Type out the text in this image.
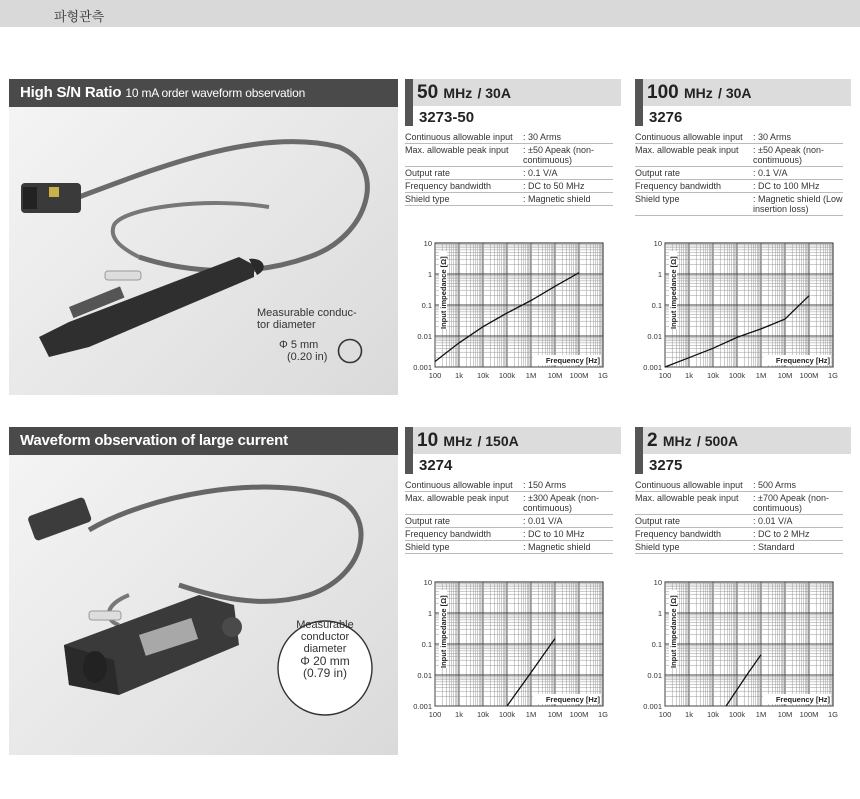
파형관측
High S/N Ratio 10 mA order waveform observation
Measurable conduc-
tor diameter
Φ 5 mm
(0.20 in)
50 MHz / 30A
3273-50
Continuous allowable input	: 30 Arms
Max. allowable peak input	: ±50 Apeak (non-contimuous)
Output rate	: 0.1 V/A
Frequency bandwidth	: DC to 50 MHz
Shield type	: Magnetic shield
100 1k 10k 100k 1M 10M 100M 1G
0.001
0.01
0.1
1
10
Input impedance [Ω]
Frequency [Hz]
100 MHz / 30A
3276
Continuous allowable input	: 30 Arms
Max. allowable peak input	: ±50 Apeak (non-contimuous)
Output rate	: 0.1 V/A
Frequency bandwidth	: DC to 100 MHz
Shield type	: Magnetic shield (Low insertion loss)
100 1k 10k 100k 1M 10M 100M 1G
0.001
0.01
0.1
1
10
Input impedance [Ω]
Frequency [Hz]
Waveform observation of large current
Measurable
conductor
diameter
Φ 20 mm
(0.79 in)
10 MHz / 150A
3274
Continuous allowable input	: 150 Arms
Max. allowable peak input	: ±300 Apeak (non-contimuous)
Output rate	: 0.01 V/A
Frequency bandwidth	: DC to 10 MHz
Shield type	: Magnetic shield
100 1k 10k 100k 1M 10M 100M 1G
0.001
0.01
0.1
1
10
Input impedance [Ω]
Frequency [Hz]
2 MHz / 500A
3275
Continuous allowable input	: 500 Arms
Max. allowable peak input	: ±700 Apeak (non-contimuous)
Output rate	: 0.01 V/A
Frequency bandwidth	: DC to 2 MHz
Shield type	: Standard
100 1k 10k 100k 1M 10M 100M 1G
0.001
0.01
0.1
1
10
Input impedance [Ω]
Frequency [Hz]
